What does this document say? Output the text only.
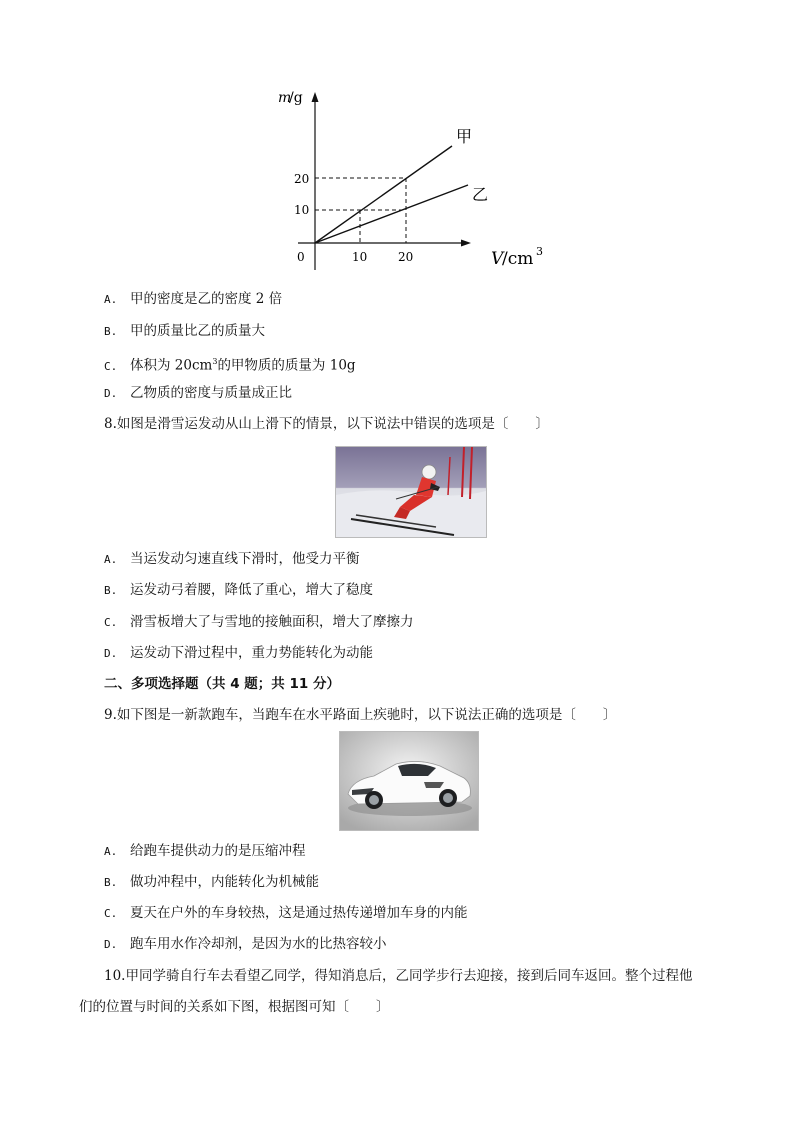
m
/g
20
10
0	10	20
甲
乙
V
/cm 3
A. 甲的密度是乙的密度 2 倍
B. 甲的质量比乙的质量大
C. 体积为 $20cm^3$的甲物质的质量为 10g
D. 乙物质的密度与质量成正比
8.如图是滑雪运发动从山上滑下的情景，以下说法中错误的选项是〔　　〕
A. 当运发动匀速直线下滑时，他受力平衡
B. 运发动弓着腰，降低了重心，增大了稳度
C. 滑雪板增大了与雪地的接触面积，增大了摩擦力
D. 运发动下滑过程中，重力势能转化为动能
二、多项选择题（共 4 题；共 11 分）
9.如下图是一新款跑车，当跑车在水平路面上疾驰时，以下说法正确的选项是〔　　〕
A. 给跑车提供动力的是压缩冲程
B. 做功冲程中，内能转化为机械能
C. 夏天在户外的车身较热，这是通过热传递增加车身的内能
D. 跑车用水作冷却剂，是因为水的比热容较小
10.甲同学骑自行车去看望乙同学，得知消息后，乙同学步行去迎接，接到后同车返回。整个过程他
们的位置与时间的关系如下图，根据图可知〔　　〕
